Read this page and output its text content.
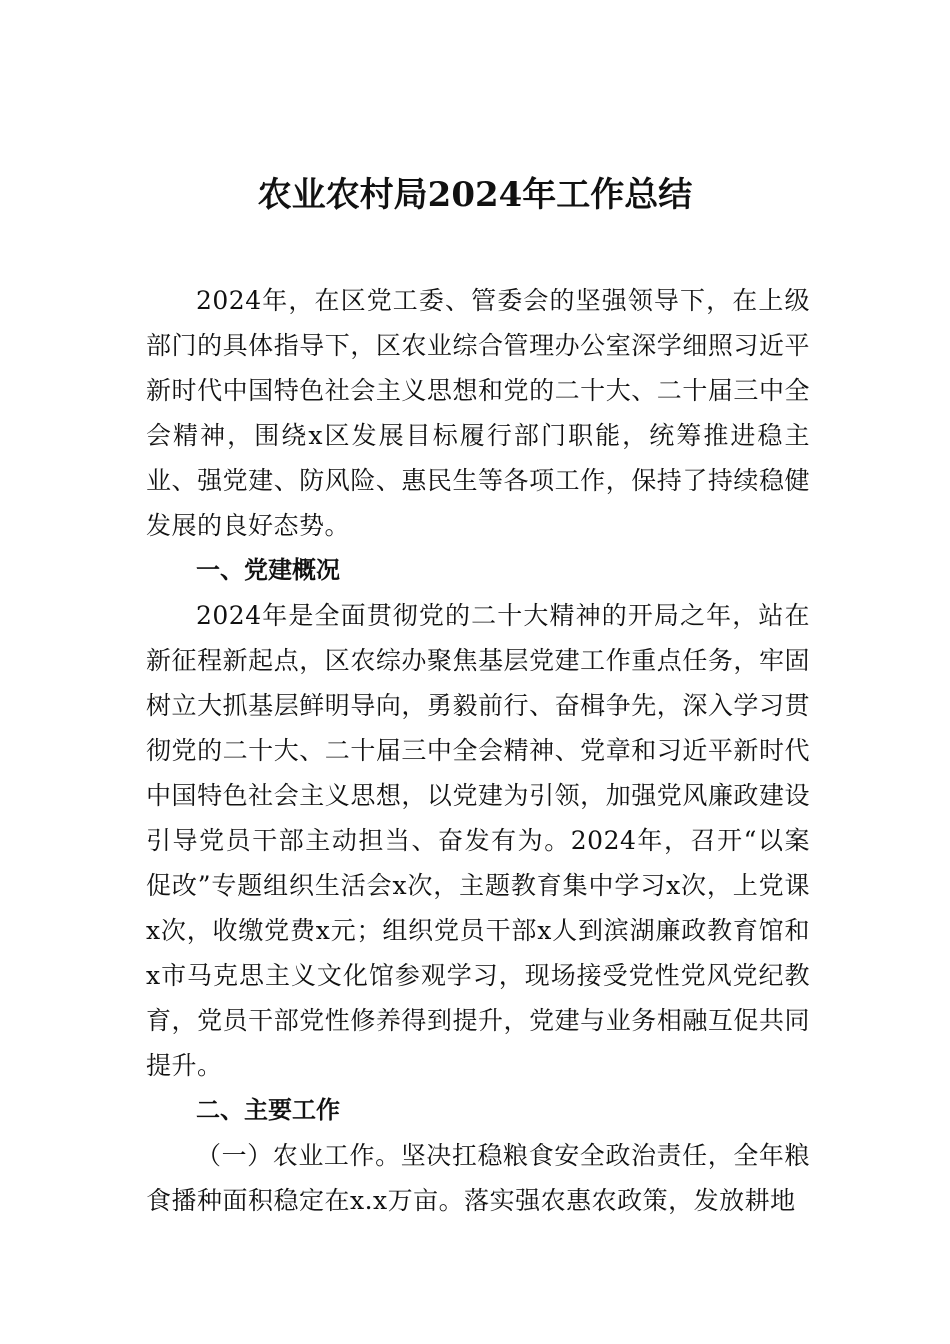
农业农村局2024年工作总结

2024年，在区党工委、管委会的坚强领导下，在上级部门的具体指导下，区农业综合管理办公室深学细照习近平新时代中国特色社会主义思想和党的二十大、二十届三中全会精神，围绕x区发展目标履行部门职能，统筹推进稳主业、强党建、防风险、惠民生等各项工作，保持了持续稳健发展的良好态势。

一、党建概况

2024年是全面贯彻党的二十大精神的开局之年，站在新征程新起点，区农综办聚焦基层党建工作重点任务，牢固树立大抓基层鲜明导向，勇毅前行、奋楫争先，深入学习贯彻党的二十大、二十届三中全会精神、党章和习近平新时代中国特色社会主义思想，以党建为引领，加强党风廉政建设引导党员干部主动担当、奋发有为。2024年，召开“以案促改”专题组织生活会x次，主题教育集中学习x次，上党课x次，收缴党费x元；组织党员干部x人到滨湖廉政教育馆和x市马克思主义文化馆参观学习，现场接受党性党风党纪教育，党员干部党性修养得到提升，党建与业务相融互促共同提升。

二、主要工作

（一）农业工作。坚决扛稳粮食安全政治责任，全年粮食播种面积稳定在x.x万亩。落实强农惠农政策，发放耕地
